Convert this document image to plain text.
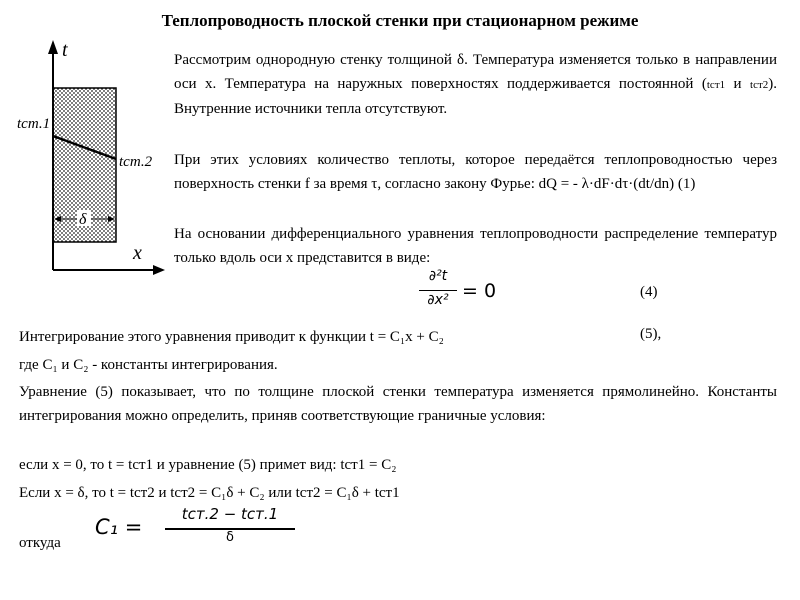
Теплопроводность плоской стенки при стационарном режиме
t
x
tст.1
tст.2
δ
Рассмотрим однородную стенку толщиной δ. Температура изменяется только в направлении оси х. Температура на наружных поверхностях поддерживается постоянной (tст1 и tст2). Внутренние источники тепла отсутствуют.
При этих условиях количество теплоты, которое передаётся теплопроводностью через поверхность стенки f за время τ, согласно закону Фурье: dQ = - λ·dF·dτ·(dt/dn) (1)
На основании дифференциального уравнения теплопроводности распределение температур только вдоль оси х представится в виде:
∂²t
∂x² = 0	(4)
Интегрирование этого уравнения приводит к функции t = C₁x + C₂	(5),
где C₁ и C₂ - константы интегрирования.
Уравнение (5) показывает, что по толщине плоской стенки температура изменяется прямолинейно. Константы интегрирования можно определить, приняв соответствующие граничные условия:
если x = 0, то t = tст1 и уравнение (5) примет вид: tст1 = C₂
Если x = δ, то t = tст2 и tст2 = C₁δ + C₂ или tст2 = C₁δ + tст1
C₁ =
tст.2 − tст.1
δ
откуда
